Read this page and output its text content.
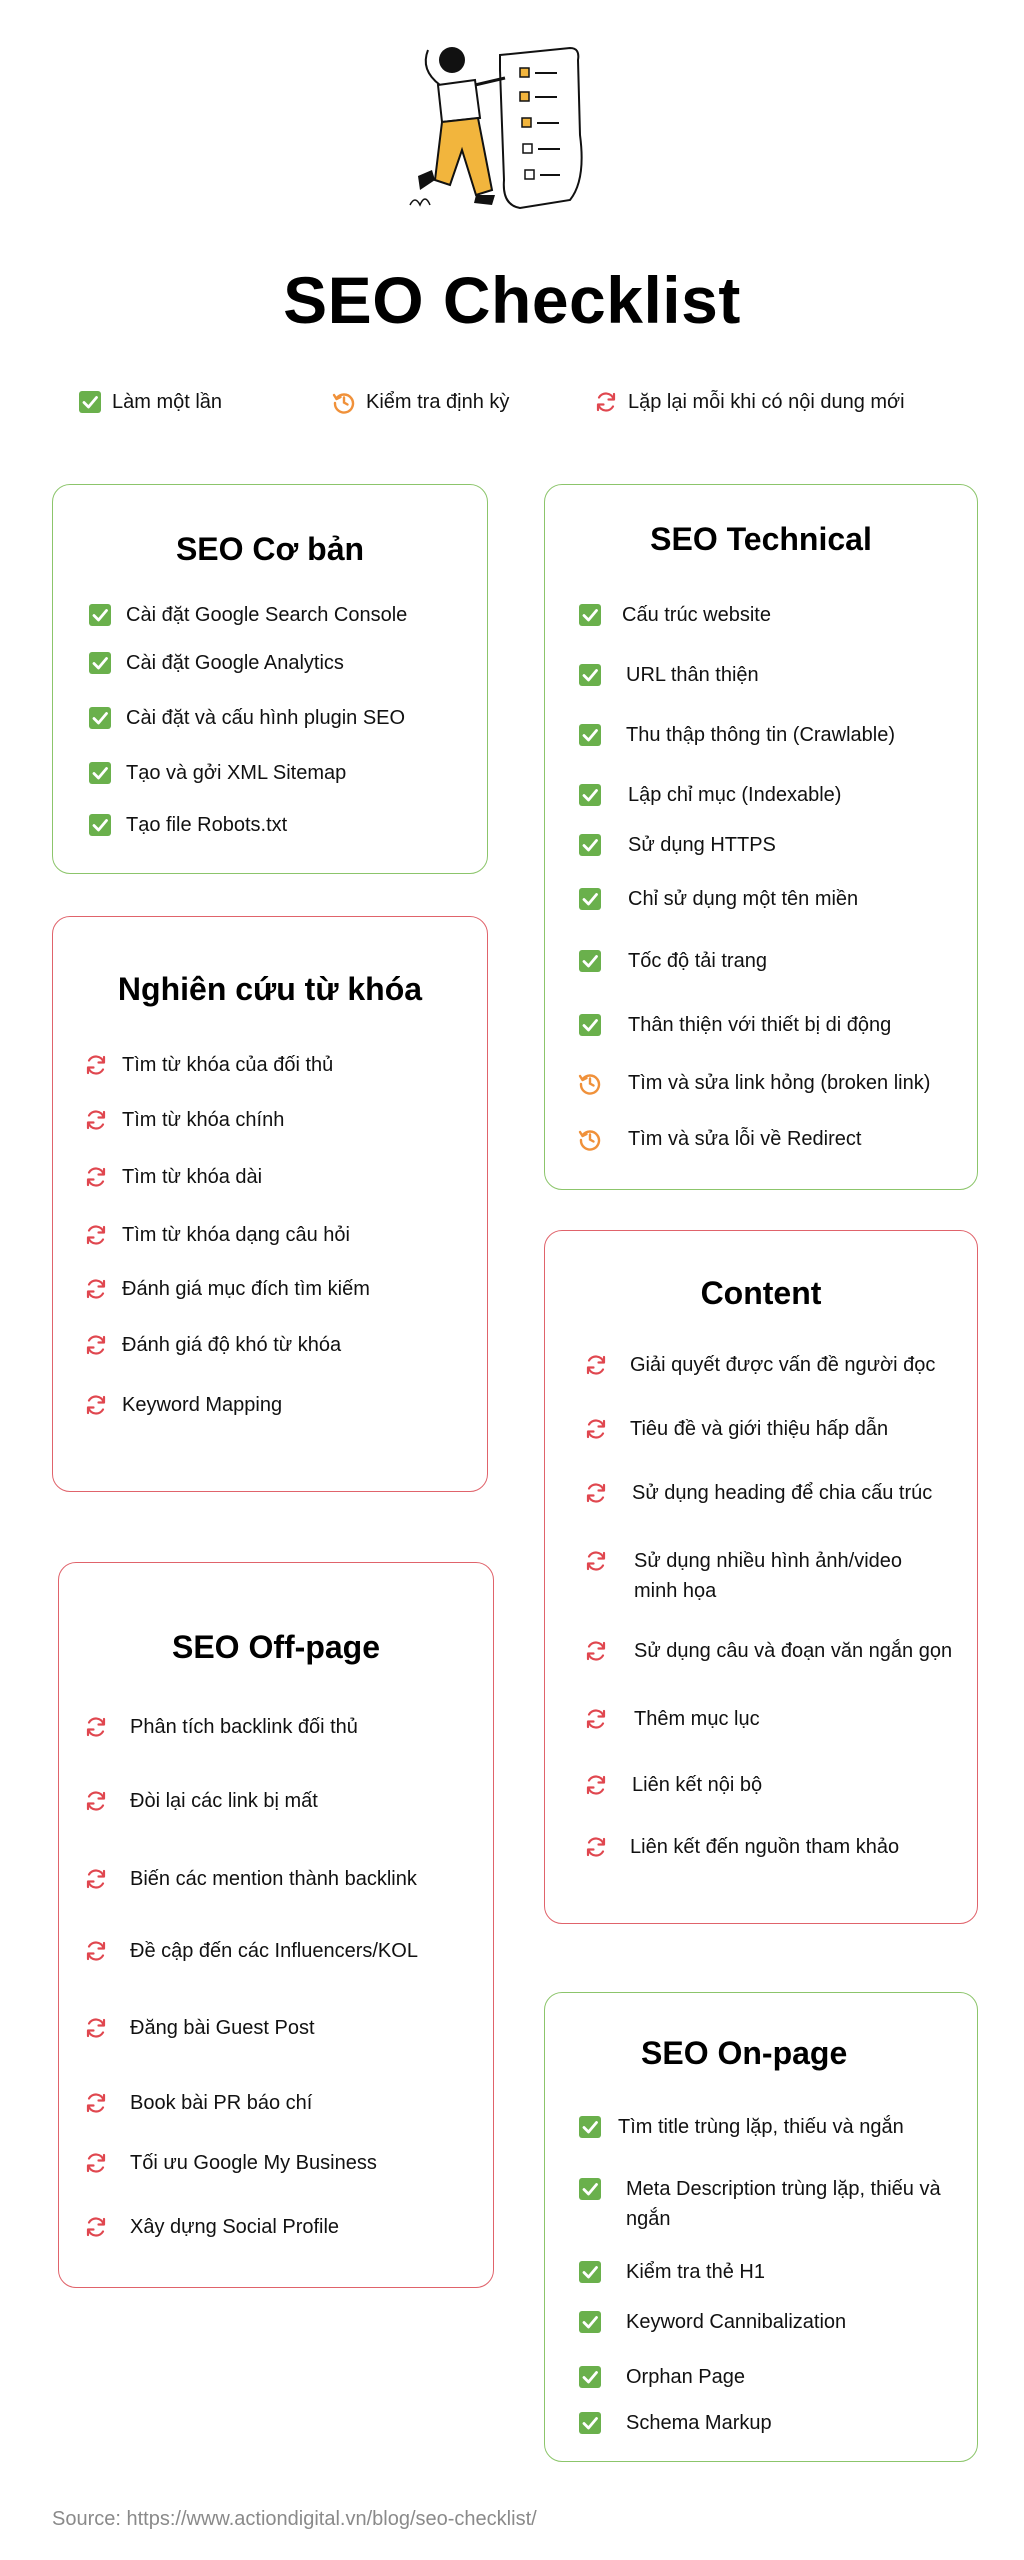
SEO Checklist
Làm một lần	Kiểm tra định kỳ	Lặp lại mỗi khi có nội dung mới
SEO Cơ bản
Nghiên cứu từ khóa
SEO Off-page
SEO Technical
Content
SEO On-page
Cài đặt Google Search Console
Cài đặt Google Analytics
Cài đặt và cấu hình plugin SEO
Tạo và gởi XML Sitemap
Tạo file Robots.txt
Tìm từ khóa của đối thủ
Tìm từ khóa chính
Tìm từ khóa dài
Tìm từ khóa dạng câu hỏi
Đánh giá mục đích tìm kiếm
Đánh giá độ khó từ khóa
Keyword Mapping
Phân tích backlink đối thủ
Đòi lại các link bị mất
Biến các mention thành backlink
Đề cập đến các Influencers/KOL
Đăng bài Guest Post
Book bài PR báo chí
Tối ưu Google My Business
Xây dựng Social Profile
Cấu trúc website
URL thân thiện
Thu thập thông tin (Crawlable)
Lập chỉ mục (Indexable)
Sử dụng HTTPS
Chỉ sử dụng một tên miền
Tốc độ tải trang
Thân thiện với thiết bị di động
Tìm và sửa link hỏng (broken link)
Tìm và sửa lỗi về Redirect
Giải quyết được vấn đề người đọc
Tiêu đề và giới thiệu hấp dẫn
Sử dụng heading để chia cấu trúc
Sử dụng nhiều hình ảnh/video minh họa
Sử dụng câu và đoạn văn ngắn gọn
Thêm mục lục
Liên kết nội bộ
Liên kết đến nguồn tham khảo
Tìm title trùng lặp, thiếu và ngắn
Meta Description trùng lặp, thiếu và ngắn
Kiểm tra thẻ H1
Keyword Cannibalization
Orphan Page
Schema Markup
Source: https://www.actiondigital.vn/blog/seo-checklist/
